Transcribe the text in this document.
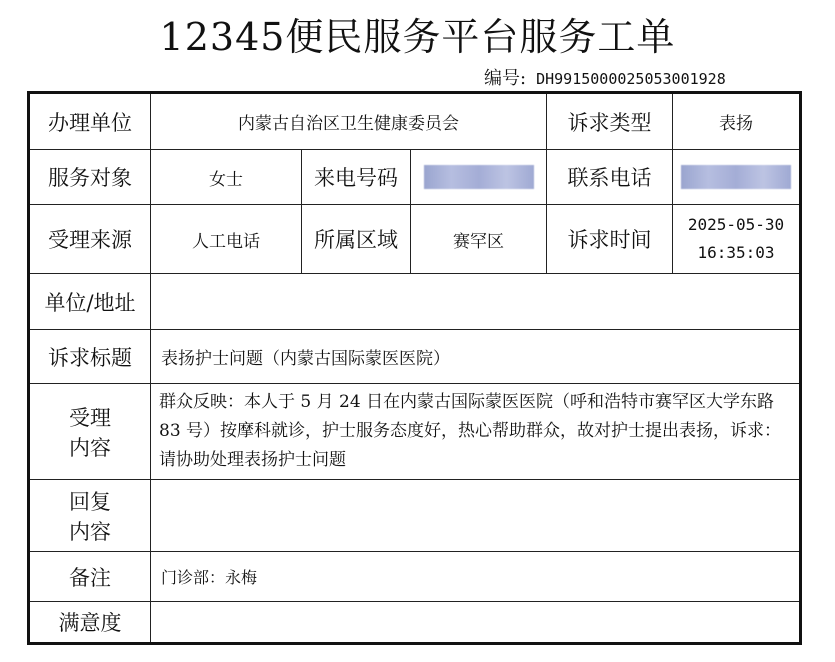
12345便民服务平台服务工单
编号: DH9915000025053001928
办理单位	内蒙古自治区卫生健康委员会			诉求类型	表扬
服务对象	女士	来电号码		联系电话	
受理来源	人工电话	所属区域	赛罕区	诉求时间	2025-05-30
16:35:03

单位/地址					
诉求标题	表扬护士问题（内蒙古国际蒙医医院）				

受理
内容	群众反映：本人于 5 月 24 日在内蒙古国际蒙医医院（呼和浩特市赛罕区大学东路 83 号）按摩科就诊，护士服务态度好，热心帮助群众，故对护士提出表扬，诉求：请协助处理表扬护士问题				

回复
内容					

备注	门诊部：永梅				
满意度					
